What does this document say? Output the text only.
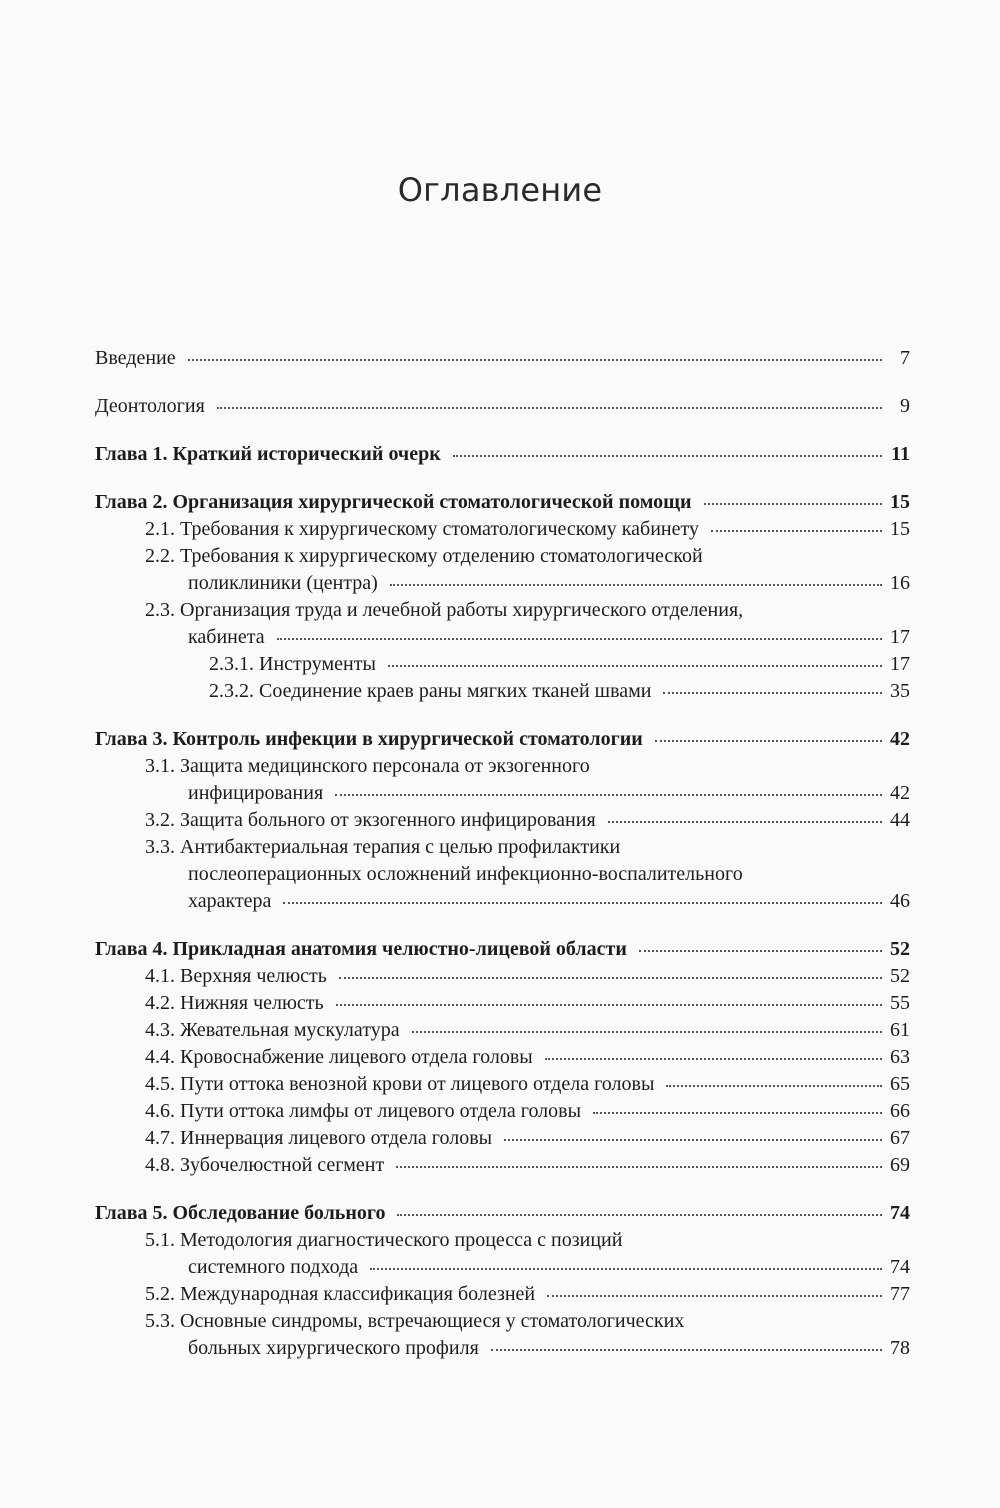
Оглавление
Введение	7
Деонтология	9
Глава 1. Краткий исторический очерк	11
Глава 2. Организация хирургической стоматологической помощи	15
2.1. Требования к хирургическому стоматологическому кабинету	15
2.2. Требования к хирургическому отделению стоматологической
поликлиники (центра)	16
2.3. Организация труда и лечебной работы хирургического отделения,
кабинета	17
2.3.1. Инструменты	17
2.3.2. Соединение краев раны мягких тканей швами	35
Глава 3. Контроль инфекции в хирургической стоматологии	42
3.1. Защита медицинского персонала от экзогенного
инфицирования	42
3.2. Защита больного от экзогенного инфицирования	44
3.3. Антибактериальная терапия с целью профилактики
послеоперационных осложнений инфекционно-воспалительного
характера	46
Глава 4. Прикладная анатомия челюстно-лицевой области	52
4.1. Верхняя челюсть	52
4.2. Нижняя челюсть	55
4.3. Жевательная мускулатура	61
4.4. Кровоснабжение лицевого отдела головы	63
4.5. Пути оттока венозной крови от лицевого отдела головы	65
4.6. Пути оттока лимфы от лицевого отдела головы	66
4.7. Иннервация лицевого отдела головы	67
4.8. Зубочелюстной сегмент	69
Глава 5. Обследование больного	74
5.1. Методология диагностического процесса с позиций
системного подхода	74
5.2. Международная классификация болезней	77
5.3. Основные синдромы, встречающиеся у стоматологических
больных хирургического профиля	78
